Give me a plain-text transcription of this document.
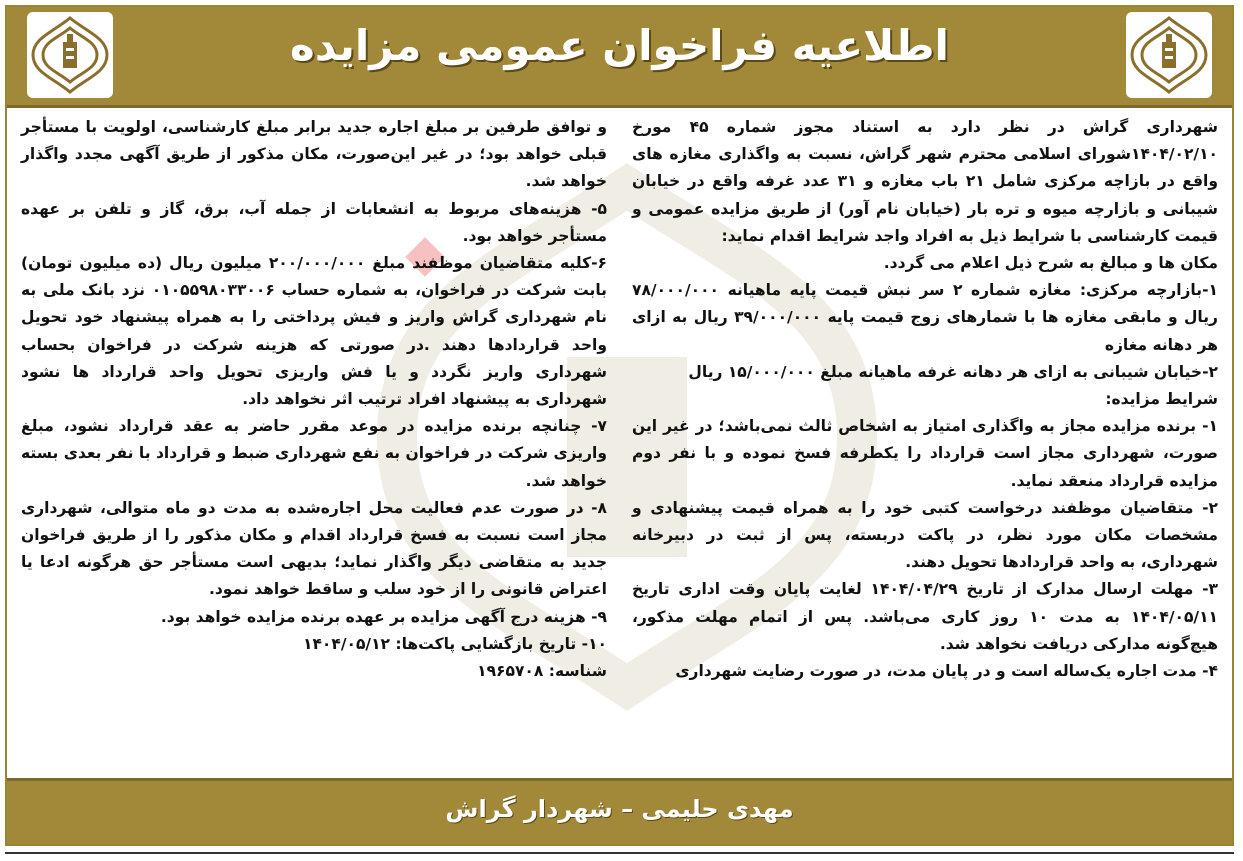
اطلاعیه فراخوان عمومی مزایده

شهرداری گراش در نظر دارد به استناد مجوز شماره ۴۵ مورخ ۱۴۰۴/۰۲/۱۰شورای اسلامی محترم شهر گراش، نسبت به واگذاری مغازه های واقع در بازاچه مرکزی شامل ۲۱ باب مغازه و ۳۱ عدد غرفه واقع در خیابان شیبانی و بازارچه میوه و تره بار (خیابان نام آور) از طریق مزایده عمومی و قیمت کارشناسی با شرایط ذیل به افراد واجد شرایط اقدام نماید:

مکان ها و مبالغ به شرح ذیل اعلام می گردد.

۱-بازارچه مرکزی: مغازه شماره ۲ سر نبش قیمت پایه ماهیانه ۷۸/۰۰۰/۰۰۰ ریال و مابقی مغازه ها با شمارهای زوج قیمت پایه ۳۹/۰۰۰/۰۰۰ ریال به ازای هر دهانه مغازه

۲-خیابان شیبانی به ازای هر دهانه غرفه ماهیانه مبلغ ۱۵/۰۰۰/۰۰۰ ریال

شرایط مزایده:

۱- برنده مزایده مجاز به واگذاری امتیاز به اشخاص ثالث نمی‌باشد؛ در غیر این صورت، شهرداری مجاز است قرارداد را یکطرفه فسخ نموده و با نفر دوم مزایده قرارداد منعقد نماید.

۲- متقاضیان موظفند درخواست کتبی خود را به همراه قیمت پیشنهادی و مشخصات مکان مورد نظر، در پاکت دربسته، پس از ثبت در دبیرخانه شهرداری، به واحد قراردادها تحویل دهند.

۳- مهلت ارسال مدارک از تاریخ ۱۴۰۴/۰۴/۲۹ لغایت پایان وقت اداری تاریخ ۱۴۰۴/۰۵/۱۱ به مدت ۱۰ روز کاری می‌باشد. پس از اتمام مهلت مذکور، هیچ‌گونه مدارکی دریافت نخواهد شد.

۴- مدت اجاره یک‌ساله است و در پایان مدت، در صورت رضایت شهرداری

و توافق طرفین بر مبلغ اجاره جدید برابر مبلغ کارشناسی، اولویت با مستأجر قبلی خواهد بود؛ در غیر این‌صورت، مکان مذکور از طریق آگهی مجدد واگذار خواهد شد.

۵- هزینه‌های مربوط به انشعابات از جمله آب، برق، گاز و تلفن بر عهده مستأجر خواهد بود.

۶-کلیه متقاضیان موظفند مبلغ ۲۰۰/۰۰۰/۰۰۰ میلیون ریال (ده میلیون تومان) بابت شرکت در فراخوان، به شماره حساب ۰۱۰۵۵۹۸۰۳۳۰۰۶ نزد بانک ملی به نام شهرداری گراش واریز و فیش پرداختی را به همراه پیشنهاد خود تحویل واحد قراردادها دهند .در صورتی که هزینه شرکت در فراخوان بحساب شهرداری واریز نگردد و یا فش واریزی تحویل واحد قرارداد ها نشود شهرداری به پیشنهاد افراد ترتیب اثر نخواهد داد.

۷- چنانچه برنده مزایده در موعد مقرر حاضر به عقد قرارداد نشود، مبلغ واریزی شرکت در فراخوان به نفع شهرداری ضبط و قرارداد با نفر بعدی بسته خواهد شد.

۸- در صورت عدم فعالیت محل اجاره‌شده به مدت دو ماه متوالی، شهرداری مجاز است نسبت به فسخ قرارداد اقدام و مکان مذکور را از طریق فراخوان جدید به متقاضی دیگر واگذار نماید؛ بدیهی است مستأجر حق هرگونه ادعا یا اعتراض قانونی را از خود سلب و ساقط خواهد نمود.

۹- هزینه درج آگهی مزایده بر عهده برنده مزایده خواهد بود.

۱۰- تاریخ بازگشایی پاکت‌ها: ۱۴۰۴/۰۵/۱۲

شناسه: ۱۹۶۵۷۰۸

مهدی حلیمی – شهردار گراش
